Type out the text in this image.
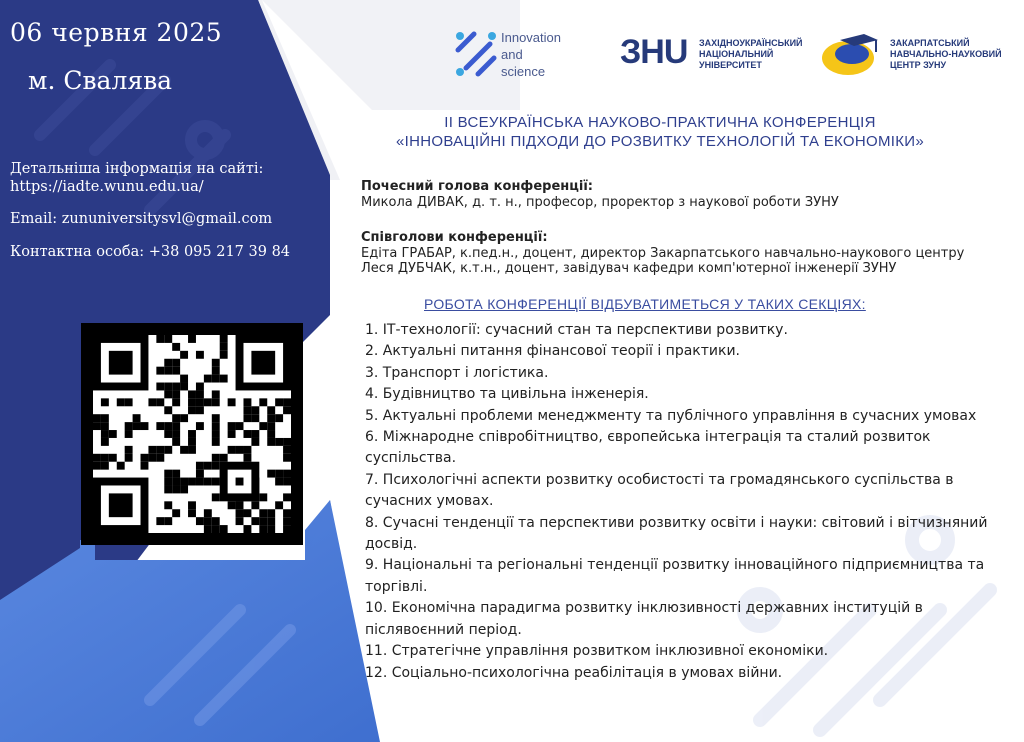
06 червня 2025
м. Свалява
Детальніша інформація на сайті:
https://iadte.wunu.edu.ua/
Email: zununiversitysvl@gmail.com
Контактна особа: +38 095 217 39 84
Innovation
and
science
ЗНU ЗАХІДНОУКРАЇНСЬКИЙ
НАЦІОНАЛЬНИЙ
УНІВЕРСИТЕТ
ЗАКАРПАТСЬКИЙ
НАВЧАЛЬНО-НАУКОВИЙ
ЦЕНТР ЗУНУ
ІІ ВСЕУКРАЇНСЬКА НАУКОВО-ПРАКТИЧНА КОНФЕРЕНЦІЯ
«ІННОВАЦІЙНІ ПІДХОДИ ДО РОЗВИТКУ ТЕХНОЛОГІЙ ТА ЕКОНОМІКИ»
Почесний голова конференції:
Микола ДИВАК, д. т. н., професор, проректор з наукової роботи ЗУНУ
Співголови конференції:
Едіта ГРАБАР, к.пед.н., доцент, директор Закарпатського навчально-наукового центру
Леся ДУБЧАК, к.т.н., доцент, завідувач кафедри комп'ютерної інженерії ЗУНУ
РОБОТА КОНФЕРЕНЦІЇ ВІДБУВАТИМЕТЬСЯ У ТАКИХ СЕКЦІЯХ:
1. ІТ-технології: сучасний стан та перспективи розвитку.
2. Актуальні питання фінансової теорії і практики.
3. Транспорт і логістика.
4. Будівництво та цивільна інженерія.
5. Актуальні проблеми менеджменту та публічного управління в сучасних умовах
6. Міжнародне співробітництво, європейська інтеграція та сталий розвиток суспільства.
7. Психологічні аспекти розвитку особистості та громадянського суспільства в сучасних умовах.
8. Сучасні тенденції та перспективи розвитку освіти і науки: світовий і вітчизняний досвід.
9. Національні та регіональні тенденції розвитку інноваційного підприємництва та торгівлі.
10. Економічна парадигма розвитку інклюзивності державних інституцій в післявоєнний період.
11. Стратегічне управління розвитком інклюзивної економіки.
12. Соціально-психологічна реабілітація в умовах війни.
